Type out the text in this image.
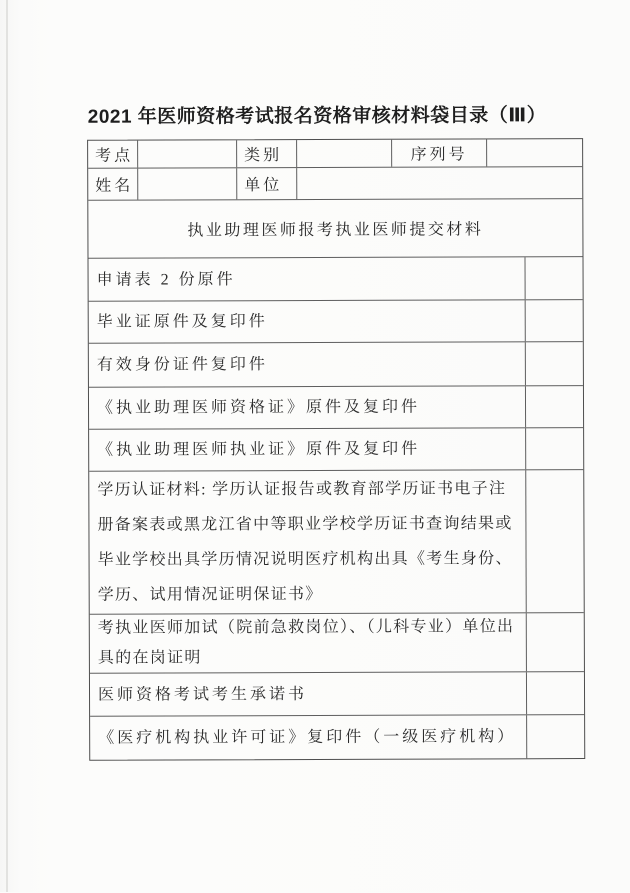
2021 年医师资格考试报名资格审核材料袋目录（Ⅲ）
考点	类别	序列号
姓名	单位
执业助理医师报考执业医师提交材料
申请表 2 份原件
毕业证原件及复印件
有效身份证件复印件
《执业助理医师资格证》原件及复印件
《执业助理医师执业证》原件及复印件
学历认证材料: 学历认证报告或教育部学历证书电子注册备案表或黑龙江省中等职业学校学历证书查询结果或毕业学校出具学历情况说明医疗机构出具《考生身份、学历、试用情况证明保证书》
考执业医师加试（院前急救岗位）、（儿科专业）单位出具的在岗证明
医师资格考试考生承诺书
《医疗机构执业许可证》复印件（一级医疗机构）
